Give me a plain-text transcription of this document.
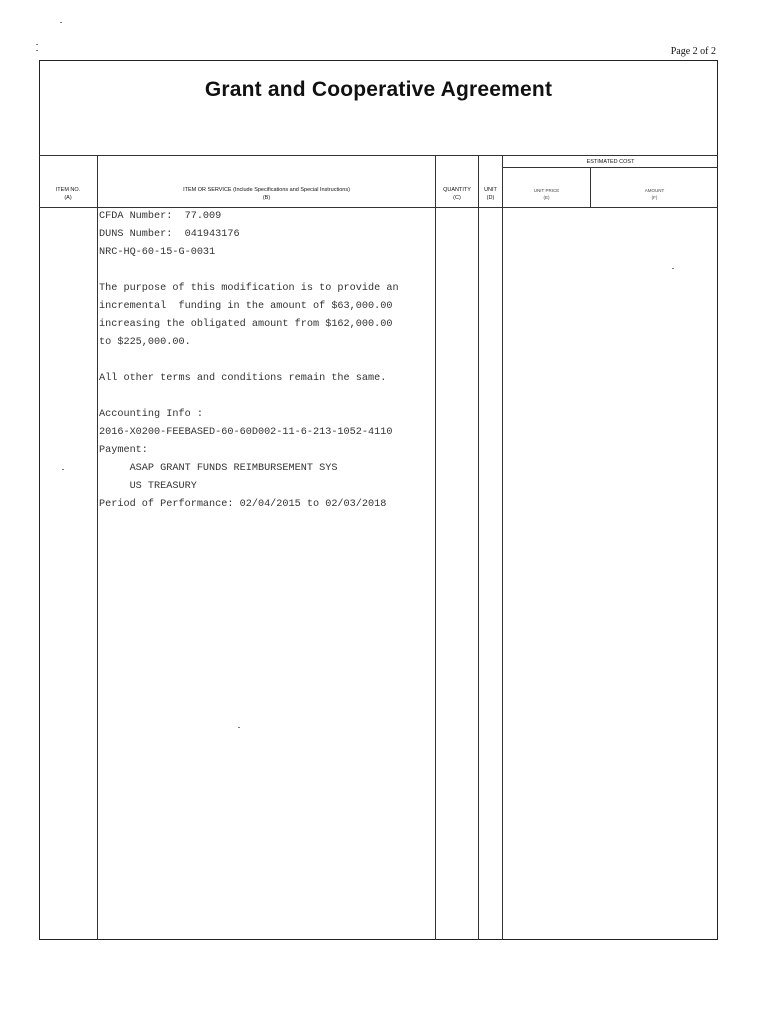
Page 2 of 2
Grant and Cooperative Agreement
ITEM NO.
(A)
ITEM OR SERVICE (Include Specifications and Special Instructions)
(B)
QUANTITY
(C)
UNIT
(D)
ESTIMATED COST
UNIT PRICE
(E)
AMOUNT
(F)
CFDA Number:  77.009
DUNS Number:  041943176
NRC-HQ-60-15-G-0031
The purpose of this modification is to provide an
incremental  funding in the amount of $63,000.00
increasing the obligated amount from $162,000.00
to $225,000.00.
All other terms and conditions remain the same.
Accounting Info :
2016-X0200-FEEBASED-60-60D002-11-6-213-1052-4110
Payment:
ASAP GRANT FUNDS REIMBURSEMENT SYS
US TREASURY
Period of Performance: 02/04/2015 to 02/03/2018
